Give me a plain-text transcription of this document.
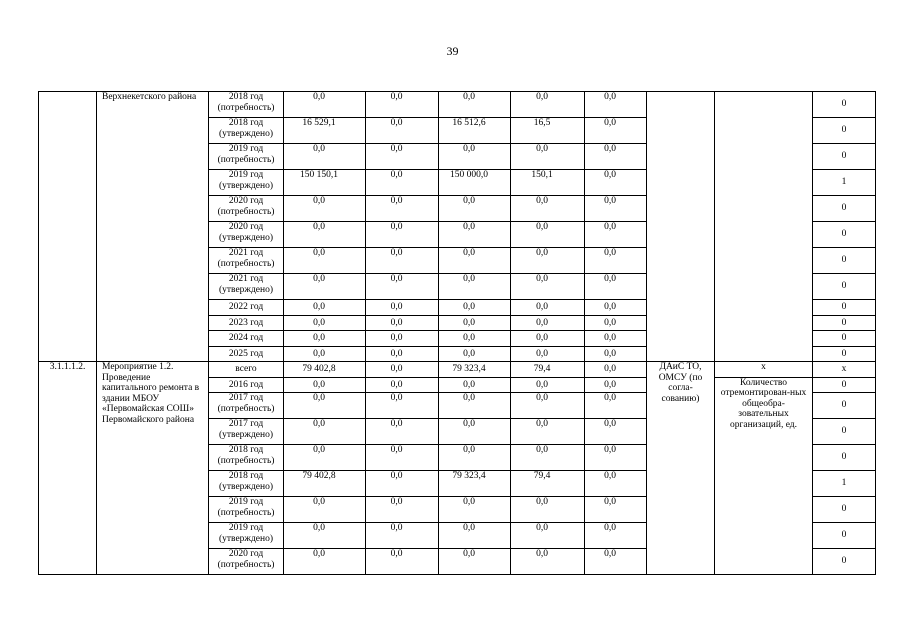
39
	Верхнекетского района	2018 год (потребность)	0,0	0,0	0,0	0,0	0,0			0
		2018 год (утверждено)	16 529,1	0,0	16 512,6	16,5	0,0			0
		2019 год (потребность)	0,0	0,0	0,0	0,0	0,0			0
		2019 год (утверждено)	150 150,1	0,0	150 000,0	150,1	0,0			1
		2020 год (потребность)	0,0	0,0	0,0	0,0	0,0			0
		2020 год (утверждено)	0,0	0,0	0,0	0,0	0,0			0
		2021 год (потребность)	0,0	0,0	0,0	0,0	0,0			0
		2021 год (утверждено)	0,0	0,0	0,0	0,0	0,0			0
		2022 год	0,0	0,0	0,0	0,0	0,0			0
		2023 год	0,0	0,0	0,0	0,0	0,0			0
		2024 год	0,0	0,0	0,0	0,0	0,0			0
		2025 год	0,0	0,0	0,0	0,0	0,0			0
3.1.1.1.2.	Мероприятие 1.2. Проведение капитального ремонта в здании МБОУ «Первомайская СОШ» Первомайского района	всего	79 402,8	0,0	79 323,4	79,4	0,0	ДАиС ТО, ОМСУ (по согла-сованию)	х	х
		2016 год	0,0	0,0	0,0	0,0	0,0		Количество отремонтирован-ных общеобра-зовательных организаций, ед.	0
		2017 год (потребность)	0,0	0,0	0,0	0,0	0,0			0
		2017 год (утверждено)	0,0	0,0	0,0	0,0	0,0			0
		2018 год (потребность)	0,0	0,0	0,0	0,0	0,0			0
		2018 год (утверждено)	79 402,8	0,0	79 323,4	79,4	0,0			1
		2019 год (потребность)	0,0	0,0	0,0	0,0	0,0			0
		2019 год (утверждено)	0,0	0,0	0,0	0,0	0,0			0
		2020 год (потребность)	0,0	0,0	0,0	0,0	0,0			0
